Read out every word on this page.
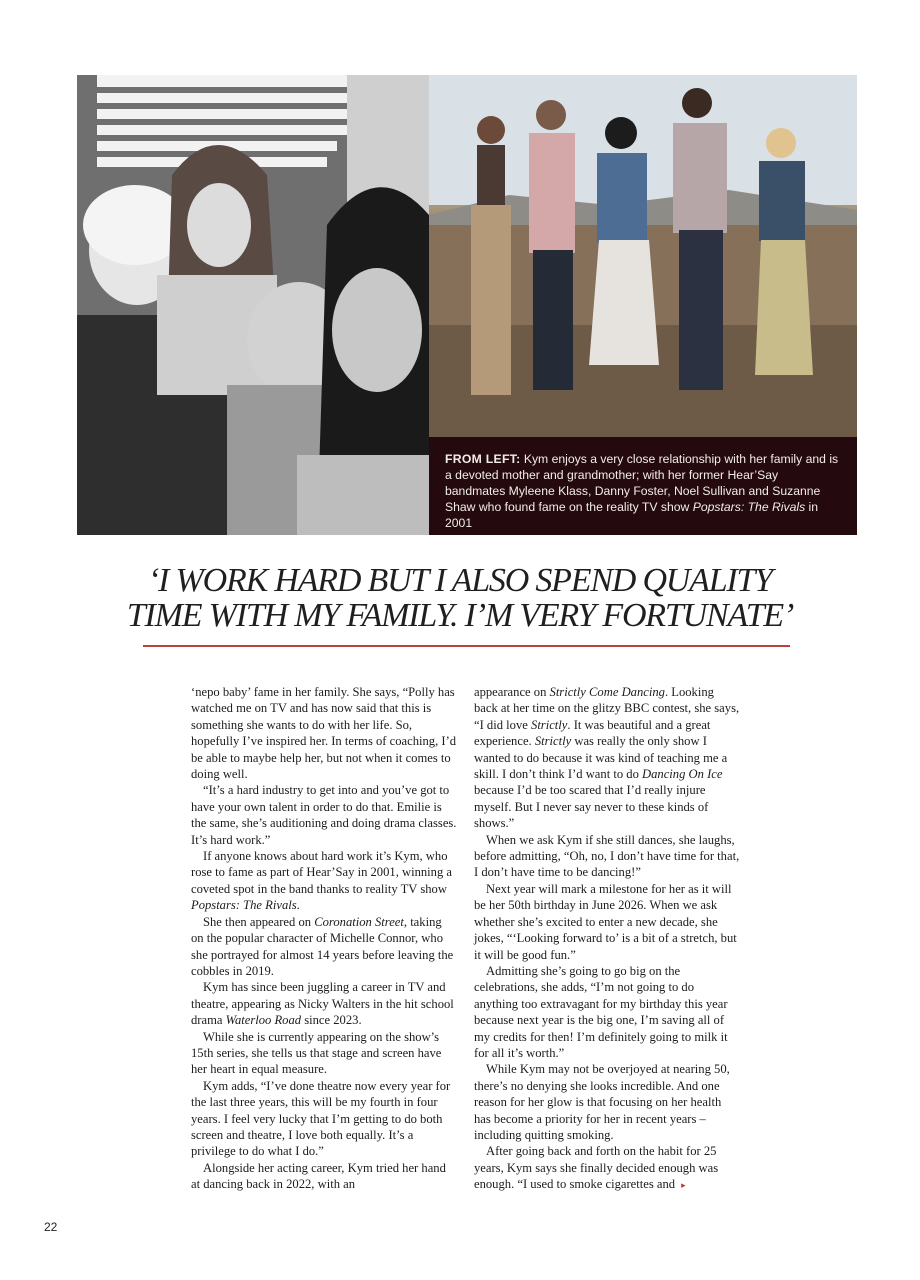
FROM LEFT: Kym enjoys a very close relationship with her family and is a devoted mother and grandmother; with her former Hear’Say bandmates Myleene Klass, Danny Foster, Noel Sullivan and Suzanne Shaw who found fame on the reality TV show Popstars: The Rivals in 2001
‘I WORK HARD BUT I ALSO SPEND QUALITY
TIME WITH MY FAMILY. I’M VERY FORTUNATE’

‘nepo baby’ fame in her family. She says, “Polly has watched me on TV and has now said that this is something she wants to do with her life. So, hopefully I’ve inspired her. In terms of coaching, I’d be able to maybe help her, but not when it comes to doing well.

“It’s a hard industry to get into and you’ve got to have your own talent in order to do that. Emilie is the same, she’s auditioning and doing drama classes. It’s hard work.”

If anyone knows about hard work it’s Kym, who rose to fame as part of Hear’Say in 2001, winning a coveted spot in the band thanks to reality TV show Popstars: The Rivals.

She then appeared on Coronation Street, taking on the popular character of Michelle Connor, who she portrayed for almost 14 years before leaving the cobbles in 2019.

Kym has since been juggling a career in TV and theatre, appearing as Nicky Walters in the hit school drama Waterloo Road since 2023.

While she is currently appearing on the show’s 15th series, she tells us that stage and screen have her heart in equal measure.

Kym adds, “I’ve done theatre now every year for the last three years, this will be my fourth in four years. I feel very lucky that I’m getting to do both screen and theatre, I love both equally. It’s a privilege to do what I do.”

Alongside her acting career, Kym tried her hand at dancing back in 2022, with an

appearance on Strictly Come Dancing. Looking back at her time on the glitzy BBC contest, she says, “I did love Strictly. It was beautiful and a great experience. Strictly was really the only show I wanted to do because it was kind of teaching me a skill. I don’t think I’d want to do Dancing On Ice because I’d be too scared that I’d really injure myself. But I never say never to these kinds of shows.”

When we ask Kym if she still dances, she laughs, before admitting, “Oh, no, I don’t have time for that, I don’t have time to be dancing!”

Next year will mark a milestone for her as it will be her 50th birthday in June 2026. When we ask whether she’s excited to enter a new decade, she jokes, “‘Looking forward to’ is a bit of a stretch, but it will be good fun.”

Admitting she’s going to go big on the celebrations, she adds, “I’m not going to do anything too extravagant for my birthday this year because next year is the big one, I’m saving all of my credits for then! I’m definitely going to milk it for all it’s worth.”

While Kym may not be overjoyed at nearing 50, there’s no denying she looks incredible. And one reason for her glow is that focusing on her health has become a priority for her in recent years – including quitting smoking.

After going back and forth on the habit for 25 years, Kym says she finally decided enough was enough. “I used to smoke cigarettes and ▸

22
